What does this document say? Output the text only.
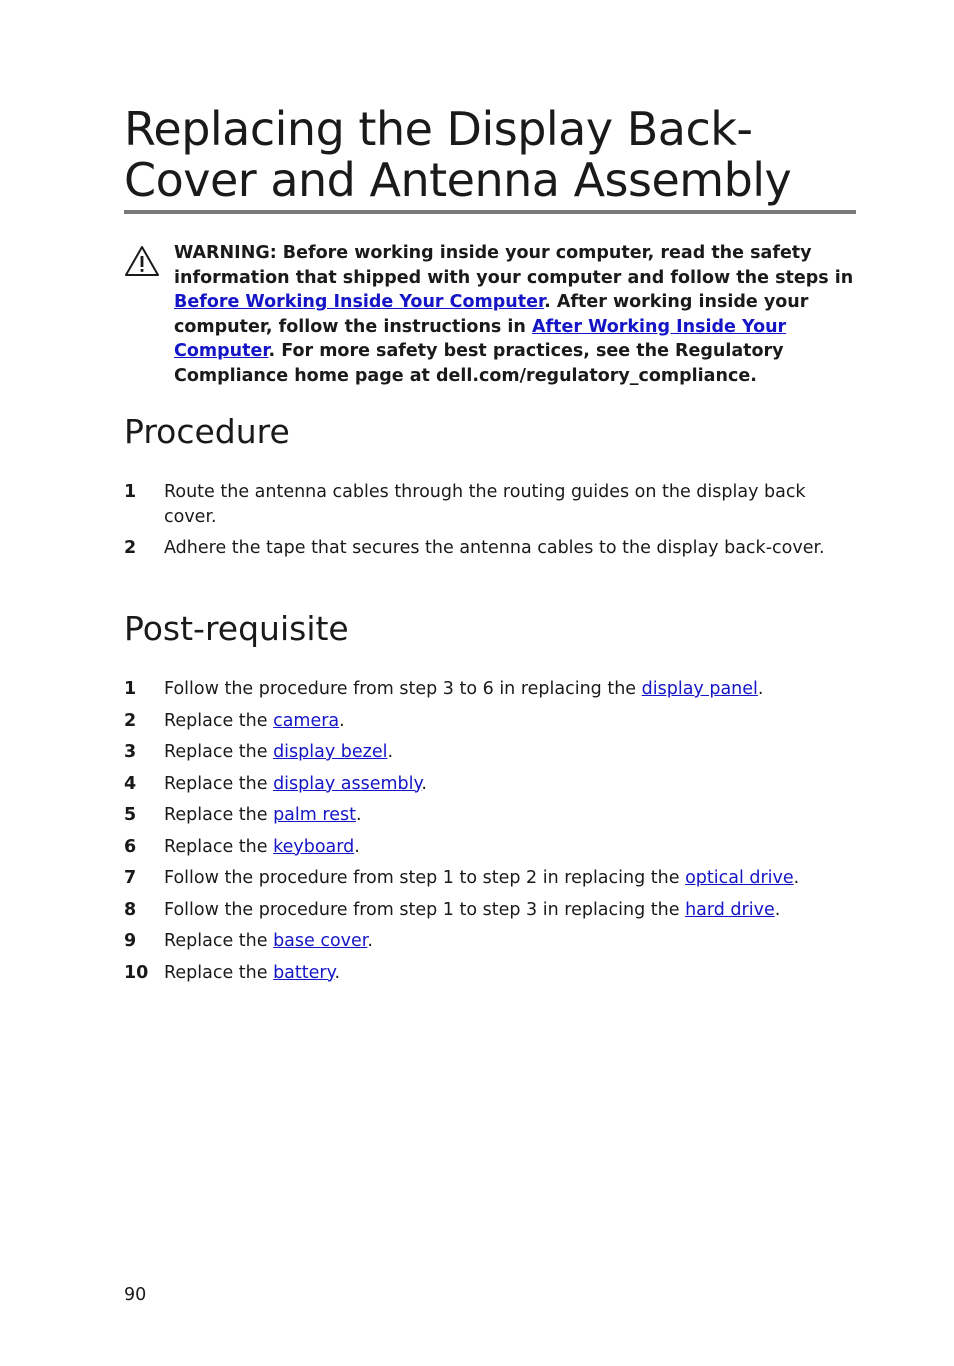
Replacing the Display Back-
Cover and Antenna Assembly
WARNING: Before working inside your computer, read the safety information that shipped with your computer and follow the steps in Before Working Inside Your Computer. After working inside your computer, follow the instructions in After Working Inside Your Computer. For more safety best practices, see the Regulatory Compliance home page at dell.com/regulatory_compliance.
Procedure
1 Route the antenna cables through the routing guides on the display back cover.
2 Adhere the tape that secures the antenna cables to the display back-cover.
Post-requisite
1 Follow the procedure from step 3 to 6 in replacing the display panel.
2 Replace the camera.
3 Replace the display bezel.
4 Replace the display assembly.
5 Replace the palm rest.
6 Replace the keyboard.
7 Follow the procedure from step 1 to step 2 in replacing the optical drive.
8 Follow the procedure from step 1 to step 3 in replacing the hard drive.
9 Replace the base cover.
10 Replace the battery.
90
